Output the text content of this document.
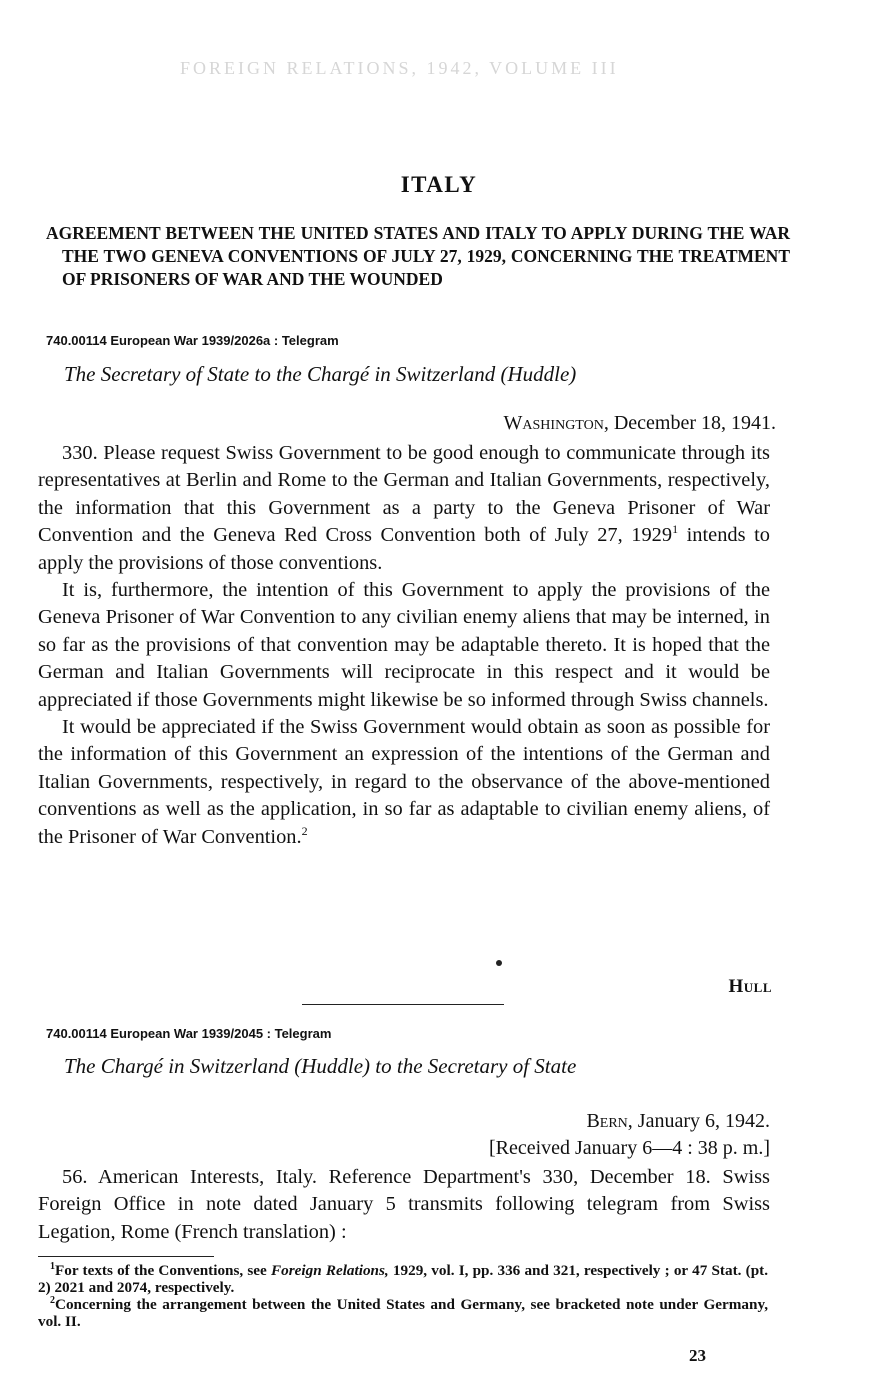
FOREIGN RELATIONS, 1942, VOLUME III
ITALY
AGREEMENT BETWEEN THE UNITED STATES AND ITALY TO APPLY DURING THE WAR THE TWO GENEVA CONVENTIONS OF JULY 27, 1929, CONCERNING THE TREATMENT OF PRISONERS OF WAR AND THE WOUNDED
740.00114 European War 1939/2026a : Telegram
The Secretary of State to the Chargé in Switzerland (Huddle)
Washington, December 18, 1941.

330. Please request Swiss Government to be good enough to communicate through its representatives at Berlin and Rome to the German and Italian Governments, respectively, the information that this Government as a party to the Geneva Prisoner of War Convention and the Geneva Red Cross Convention both of July 27, 1929$^1$ intends to apply the provisions of those conventions.

It is, furthermore, the intention of this Government to apply the provisions of the Geneva Prisoner of War Convention to any civilian enemy aliens that may be interned, in so far as the provisions of that convention may be adaptable thereto. It is hoped that the German and Italian Governments will reciprocate in this respect and it would be appreciated if those Governments might likewise be so informed through Swiss channels.

It would be appreciated if the Swiss Government would obtain as soon as possible for the information of this Government an expression of the intentions of the German and Italian Governments, respectively, in regard to the observance of the above-mentioned conventions as well as the application, in so far as adaptable to civilian enemy aliens, of the Prisoner of War Convention.$^2$

Hull
740.00114 European War 1939/2045 : Telegram
The Chargé in Switzerland (Huddle) to the Secretary of State
Bern, January 6, 1942.
[Received January 6—4 : 38 p. m.]

56. American Interests, Italy. Reference Department's 330, December 18. Swiss Foreign Office in note dated January 5 transmits following telegram from Swiss Legation, Rome (French translation) :

$^1$For texts of the Conventions, see Foreign Relations, 1929, vol. I, pp. 336 and 321, respectively ; or 47 Stat. (pt. 2) 2021 and 2074, respectively.

$^2$Concerning the arrangement between the United States and Germany, see bracketed note under Germany, vol. II.

23
